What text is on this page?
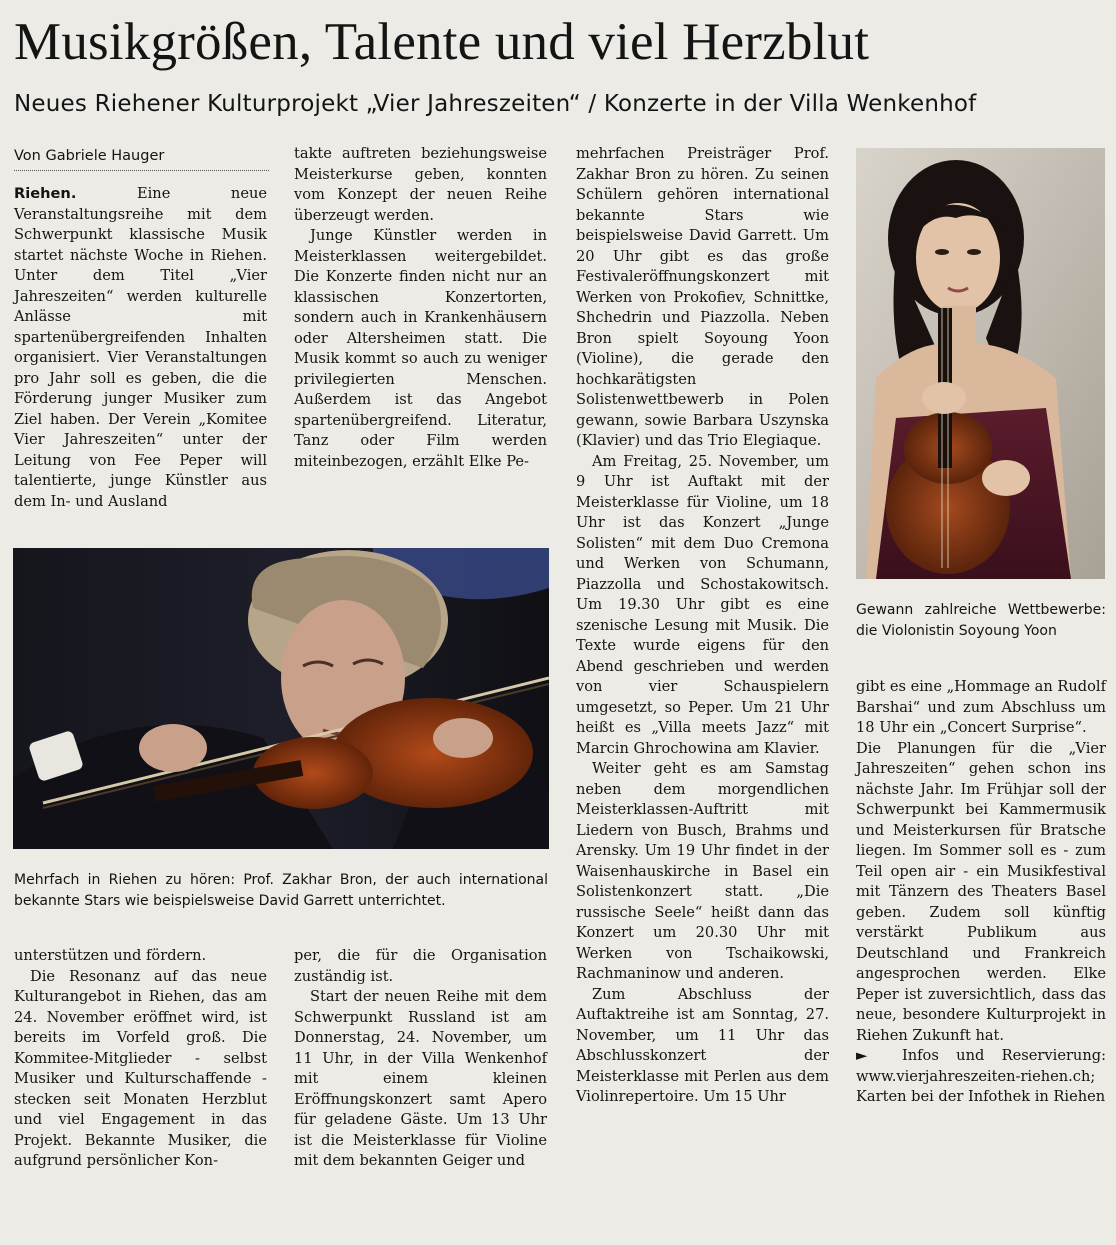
Musikgrößen, Talente und viel Herzblut
Neues Riehener Kulturprojekt „Vier Jahreszeiten“ / Konzerte in der Villa Wenkenhof
Von Gabriele Hauger

Riehen.	Eine neue Veranstaltungsreihe mit dem Schwerpunkt klassische Musik startet nächste Woche in Riehen. Unter dem Titel „Vier Jahreszeiten“ werden kulturelle Anlässe mit spartenübergreifenden Inhalten organisiert. Vier Veranstaltungen pro Jahr soll es geben, die die Förderung junger Musiker zum Ziel haben. Der Verein „Komitee Vier Jahreszeiten“ unter der Leitung von Fee Peper will talentierte, junge Künstler aus dem In- und Ausland

takte auftreten beziehungsweise Meisterkurse geben, konnten vom Konzept der neuen Reihe überzeugt werden.

Junge Künstler werden in Meisterklassen weitergebildet. Die Konzerte finden nicht nur an klassischen Konzertorten, sondern auch in Krankenhäusern oder Altersheimen statt. Die Musik kommt so auch zu weniger privilegierten Menschen. Außerdem ist das Angebot spartenübergreifend. Literatur, Tanz oder Film werden miteinbezogen, erzählt Elke Pe-

mehrfachen Preisträger Prof. Zakhar Bron zu hören. Zu seinen Schülern gehören international bekannte Stars wie beispielsweise David Garrett. Um 20 Uhr gibt es das große Festivaleröffnungskonzert mit Werken von Prokofiev, Schnittke, Shchedrin und Piazzolla. Neben Bron spielt Soyoung Yoon (Violine), die gerade den hochkarätigsten Solistenwettbewerb in Polen gewann, sowie Barbara Uszynska (Klavier) und das Trio Elegiaque.

Am Freitag, 25. November, um 9 Uhr ist Auftakt mit der Meisterklasse für Violine, um 18 Uhr ist das Konzert „Junge Solisten“ mit dem Duo Cremona und Werken von Schumann, Piazzolla und Schostakowitsch. Um 19.30 Uhr gibt es eine szenische Lesung mit Musik. Die Texte wurde eigens für den Abend geschrieben und werden von vier Schauspielern umgesetzt, so Peper. Um 21 Uhr heißt es „Villa meets Jazz“ mit Marcin Ghrochowina am Klavier.

Weiter geht es am Samstag neben dem morgendlichen Meisterklassen-Auftritt mit Liedern von Busch, Brahms und Arensky. Um 19 Uhr findet in der Waisenhauskirche in Basel ein Solistenkonzert statt. „Die russische Seele“ heißt dann das Konzert um 20.30 Uhr mit Werken von Tschaikowski, Rachmaninow und anderen.

Zum Abschluss der Auftaktreihe ist am Sonntag, 27. November, um 11 Uhr das Abschlusskonzert der Meisterklasse mit Perlen aus dem Violinrepertoire. Um 15 Uhr

Gewann zahlreiche Wettbewerbe: die Violonistin Soyoung Yoon

gibt es eine „Hommage an Rudolf Barshai“ und zum Abschluss um 18 Uhr ein „Concert Surprise“.

Die Planungen für die „Vier Jahreszeiten“ gehen schon ins nächste Jahr. Im Frühjar soll der Schwerpunkt bei Kammermusik und Meisterkursen für Bratsche liegen. Im Sommer soll es - zum Teil open air - ein Musikfestival mit Tänzern des Theaters Basel geben. Zudem soll künftig verstärkt Publikum aus Deutschland und Frankreich angesprochen werden. Elke Peper ist zuversichtlich, dass das neue, besondere Kulturprojekt in Riehen Zukunft hat.

► Infos und Reservierung: www.vierjahreszeiten-riehen.ch; Karten bei der Infothek in Riehen

Mehrfach in Riehen zu hören: Prof. Zakhar Bron, der auch international bekannte Stars wie beispielsweise David Garrett unterrichtet.

unterstützen und fördern.

Die Resonanz auf das neue Kulturangebot in Riehen, das am 24. November eröffnet wird, ist bereits im Vorfeld groß. Die Kommitee-Mitglieder - selbst Musiker und Kulturschaffende - stecken seit Monaten Herzblut und viel Engagement in das Projekt. Bekannte Musiker, die aufgrund persönlicher Kon-

per, die für die Organisation zuständig ist.

Start der neuen Reihe mit dem Schwerpunkt Russland ist am Donnerstag, 24. November, um 11 Uhr, in der Villa Wenkenhof mit einem kleinen Eröffnungskonzert samt Apero für geladene Gäste. Um 13 Uhr ist die Meisterklasse für Violine mit dem bekannten Geiger und
